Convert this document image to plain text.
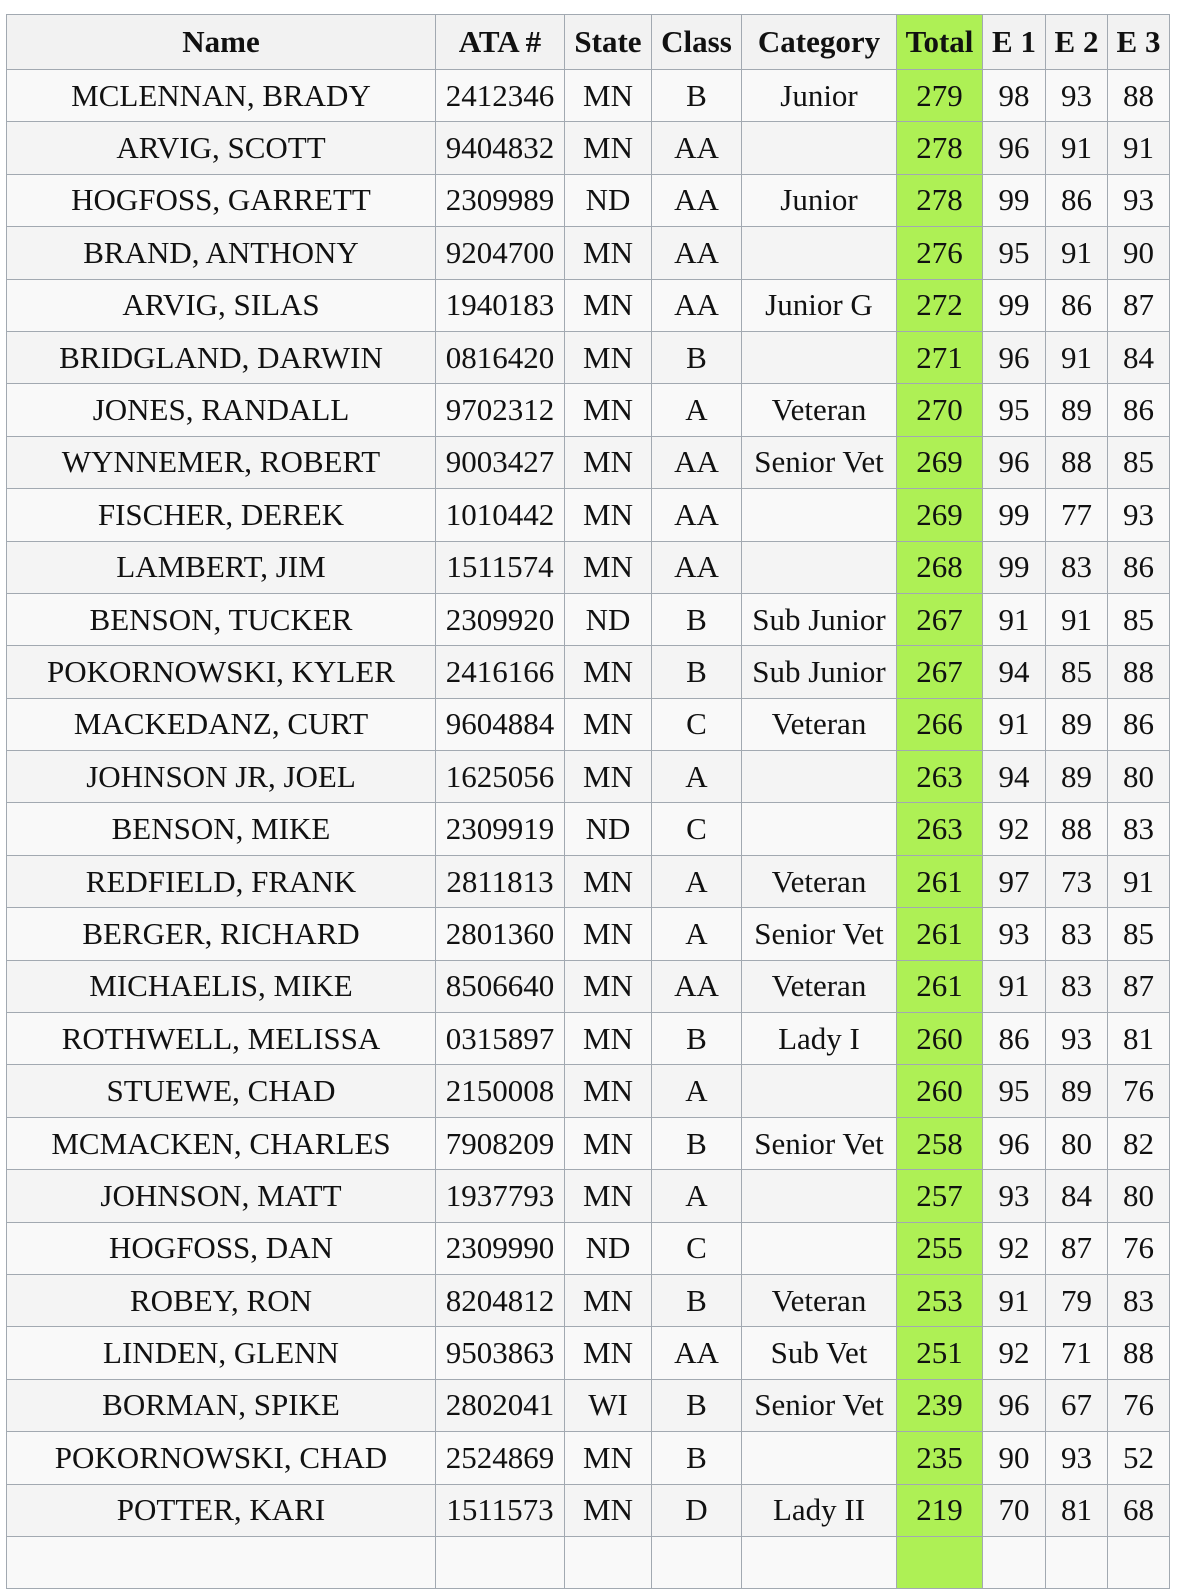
Name	ATA #	State	Class	Category	Total	E 1	E 2	E 3
MCLENNAN, BRADY	2412346	MN	B	Junior	279	98	93	88
ARVIG, SCOTT	9404832	MN	AA		278	96	91	91
HOGFOSS, GARRETT	2309989	ND	AA	Junior	278	99	86	93
BRAND, ANTHONY	9204700	MN	AA		276	95	91	90
ARVIG, SILAS	1940183	MN	AA	Junior G	272	99	86	87
BRIDGLAND, DARWIN	0816420	MN	B		271	96	91	84
JONES, RANDALL	9702312	MN	A	Veteran	270	95	89	86
WYNNEMER, ROBERT	9003427	MN	AA	Senior Vet	269	96	88	85
FISCHER, DEREK	1010442	MN	AA		269	99	77	93
LAMBERT, JIM	1511574	MN	AA		268	99	83	86
BENSON, TUCKER	2309920	ND	B	Sub Junior	267	91	91	85
POKORNOWSKI, KYLER	2416166	MN	B	Sub Junior	267	94	85	88
MACKEDANZ, CURT	9604884	MN	C	Veteran	266	91	89	86
JOHNSON JR, JOEL	1625056	MN	A		263	94	89	80
BENSON, MIKE	2309919	ND	C		263	92	88	83
REDFIELD, FRANK	2811813	MN	A	Veteran	261	97	73	91
BERGER, RICHARD	2801360	MN	A	Senior Vet	261	93	83	85
MICHAELIS, MIKE	8506640	MN	AA	Veteran	261	91	83	87
ROTHWELL, MELISSA	0315897	MN	B	Lady I	260	86	93	81
STUEWE, CHAD	2150008	MN	A		260	95	89	76
MCMACKEN, CHARLES	7908209	MN	B	Senior Vet	258	96	80	82
JOHNSON, MATT	1937793	MN	A		257	93	84	80
HOGFOSS, DAN	2309990	ND	C		255	92	87	76
ROBEY, RON	8204812	MN	B	Veteran	253	91	79	83
LINDEN, GLENN	9503863	MN	AA	Sub Vet	251	92	71	88
BORMAN, SPIKE	2802041	WI	B	Senior Vet	239	96	67	76
POKORNOWSKI, CHAD	2524869	MN	B		235	90	93	52
POTTER, KARI	1511573	MN	D	Lady II	219	70	81	68
